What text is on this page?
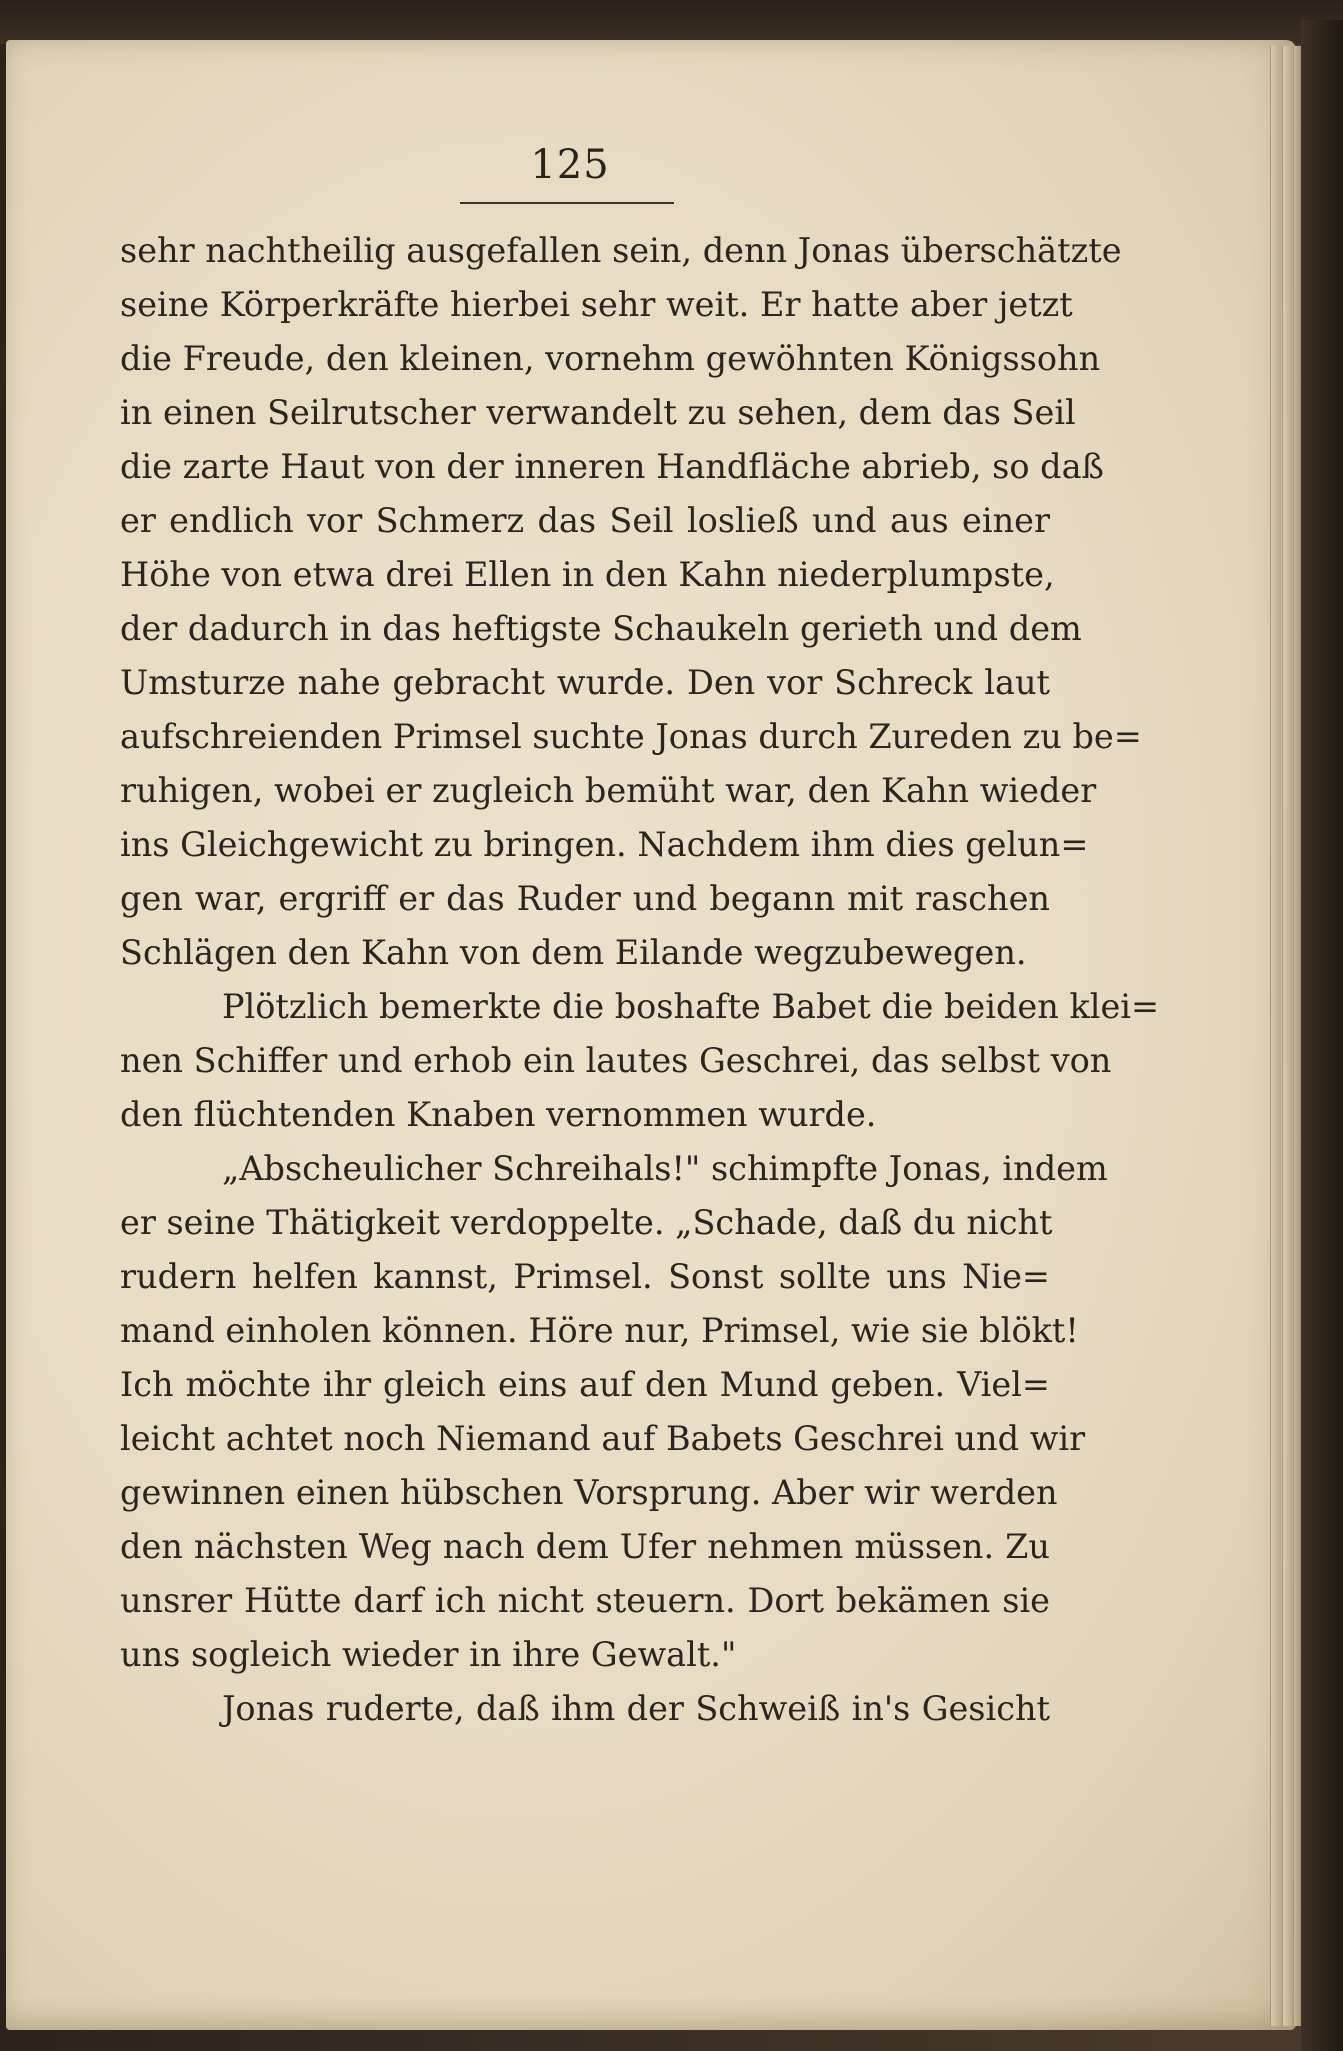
125
sehr nachtheilig ausgefallen sein, denn Jonas überschätzte
seine Körperkräfte hierbei sehr weit. Er hatte aber jetzt
die Freude, den kleinen, vornehm gewöhnten Königssohn
in einen Seilrutscher verwandelt zu sehen, dem das Seil
die zarte Haut von der inneren Handfläche abrieb, so daß
er endlich vor Schmerz das Seil losließ und aus einer
Höhe von etwa drei Ellen in den Kahn niederplumpste,
der dadurch in das heftigste Schaukeln gerieth und dem
Umsturze nahe gebracht wurde. Den vor Schreck laut
aufschreienden Primsel suchte Jonas durch Zureden zu be=
ruhigen, wobei er zugleich bemüht war, den Kahn wieder
ins Gleichgewicht zu bringen. Nachdem ihm dies gelun=
gen war, ergriff er das Ruder und begann mit raschen
Schlägen den Kahn von dem Eilande wegzubewegen.
Plötzlich bemerkte die boshafte Babet die beiden klei=
nen Schiffer und erhob ein lautes Geschrei, das selbst von
den flüchtenden Knaben vernommen wurde.
„Abscheulicher Schreihals!" schimpfte Jonas, indem
er seine Thätigkeit verdoppelte. „Schade, daß du nicht
rudern helfen kannst, Primsel. Sonst sollte uns Nie=
mand einholen können. Höre nur, Primsel, wie sie blökt!
Ich möchte ihr gleich eins auf den Mund geben. Viel=
leicht achtet noch Niemand auf Babets Geschrei und wir
gewinnen einen hübschen Vorsprung. Aber wir werden
den nächsten Weg nach dem Ufer nehmen müssen. Zu
unsrer Hütte darf ich nicht steuern. Dort bekämen sie
uns sogleich wieder in ihre Gewalt."
Jonas ruderte, daß ihm der Schweiß in's Gesicht
